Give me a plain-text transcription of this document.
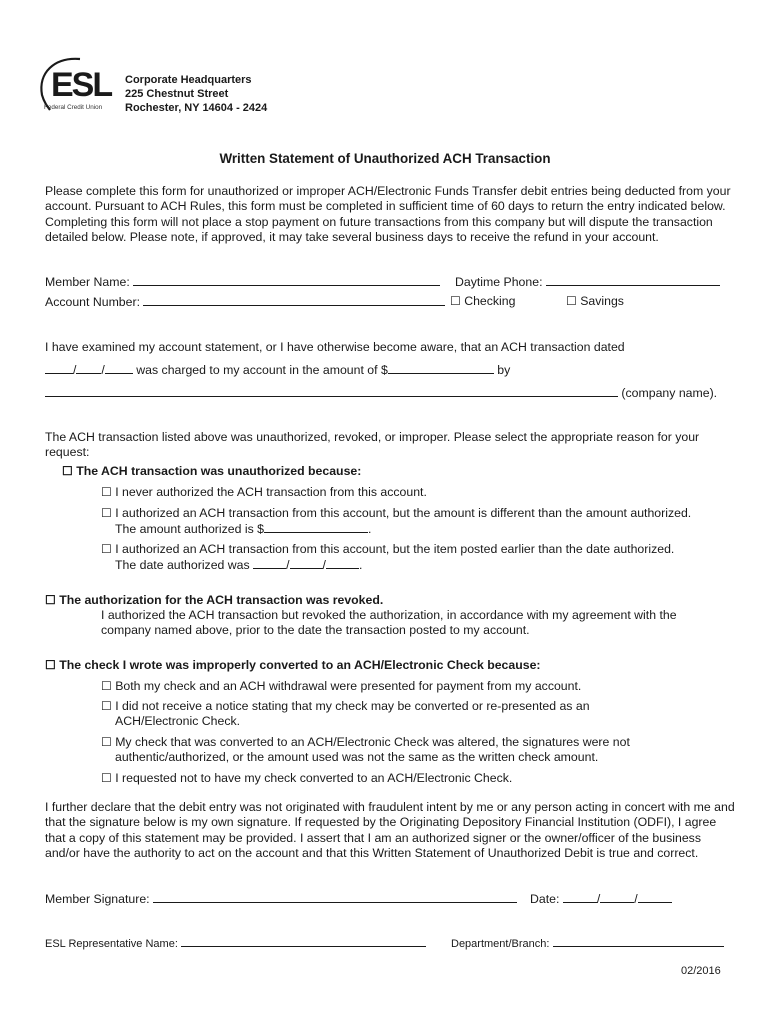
ESL
Federal Credit Union
Corporate Headquarters
225 Chestnut Street
Rochester, NY 14604 - 2424
Written Statement of Unauthorized ACH Transaction
Please complete this form for unauthorized or improper ACH/Electronic Funds Transfer debit entries being deducted from your account. Pursuant to ACH Rules, this form must be completed in sufficient time of 60 days to return the entry indicated below. Completing this form will not place a stop payment on future transactions from this company but will dispute the transaction detailed below. Please note, if approved, it may take several business days to receive the refund in your account.
Member Name:	Daytime Phone:
Account Number:	☐ Checking	☐ Savings
I have examined my account statement, or I have otherwise become aware, that an ACH transaction dated
/ /	was charged to my account in the amount of $	by
(company name).
The ACH transaction listed above was unauthorized, revoked, or improper. Please select the appropriate reason for your request:
☐ The ACH transaction was unauthorized because:
☐ I never authorized the ACH transaction from this account.
☐ I authorized an ACH transaction from this account, but the amount is different than the amount authorized.
The amount authorized is $	.
☐ I authorized an ACH transaction from this account, but the item posted earlier than the date authorized.
The date authorized was	/	/	.
☐ The authorization for the ACH transaction was revoked.
I authorized the ACH transaction but revoked the authorization, in accordance with my agreement with the
company named above, prior to the date the transaction posted to my account.
☐ The check I wrote was improperly converted to an ACH/Electronic Check because:
☐ Both my check and an ACH withdrawal were presented for payment from my account.
☐ I did not receive a notice stating that my check may be converted or re-presented as an
ACH/Electronic Check.
☐ My check that was converted to an ACH/Electronic Check was altered, the signatures were not
authentic/authorized, or the amount used was not the same as the written check amount.
☐ I requested not to have my check converted to an ACH/Electronic Check.
I further declare that the debit entry was not originated with fraudulent intent by me or any person acting in concert with me and that the signature below is my own signature. If requested by the Originating Depository Financial Institution (ODFI), I agree that a copy of this statement may be provided. I assert that I am an authorized signer or the owner/officer of the business and/or have the authority to act on the account and that this Written Statement of Unauthorized Debit is true and correct.
Member Signature:	Date:	/	/
ESL Representative Name:	Department/Branch:
02/2016
